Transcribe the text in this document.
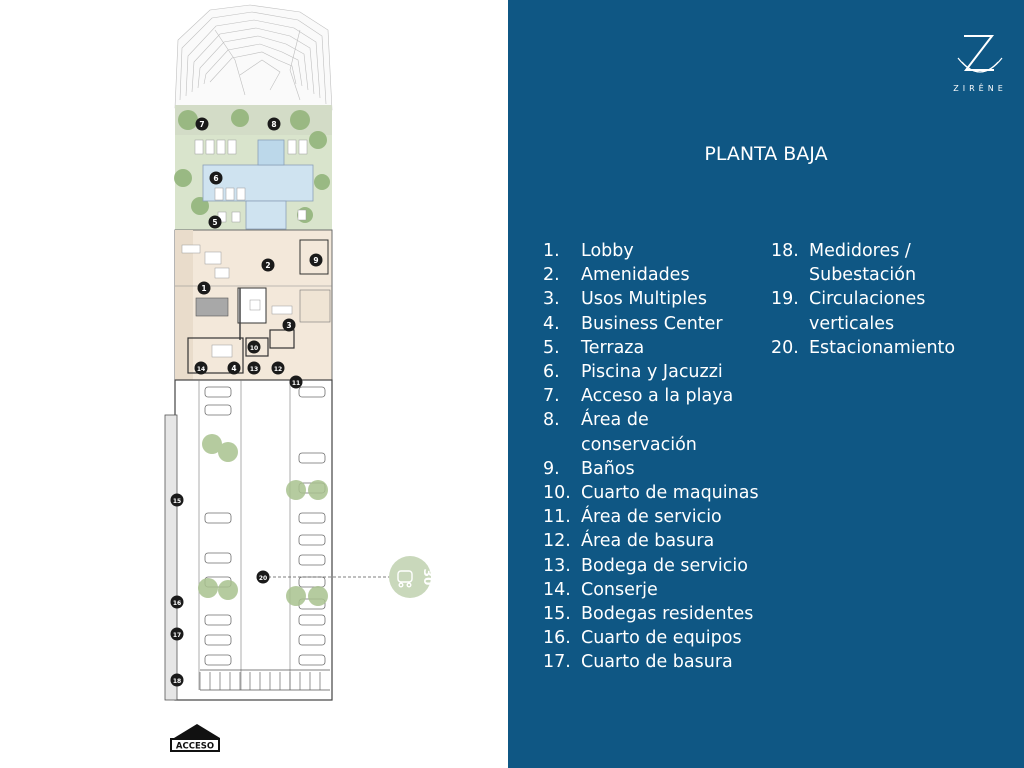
30
1
2
3
4
5
6
7	8
9
10
11
12
13
14
15
16
17
18
20
ACCESO
ZIRÊNE
PLANTA BAJA
1.	Lobby
2.	Amenidades
3.	Usos Multiples
4.	Business Center
5.	Terraza
6.	Piscina y Jacuzzi
7.	Acceso a la playa
8.	Área de conservación
9.	Baños
10. Cuarto de maquinas
11. Área de servicio
12. Área de basura
13. Bodega de servicio
14. Conserje
15. Bodegas residentes
16. Cuarto de equipos
17. Cuarto de basura
18. Medidores / Subestación
19. Circulaciones verticales
20. Estacionamiento
